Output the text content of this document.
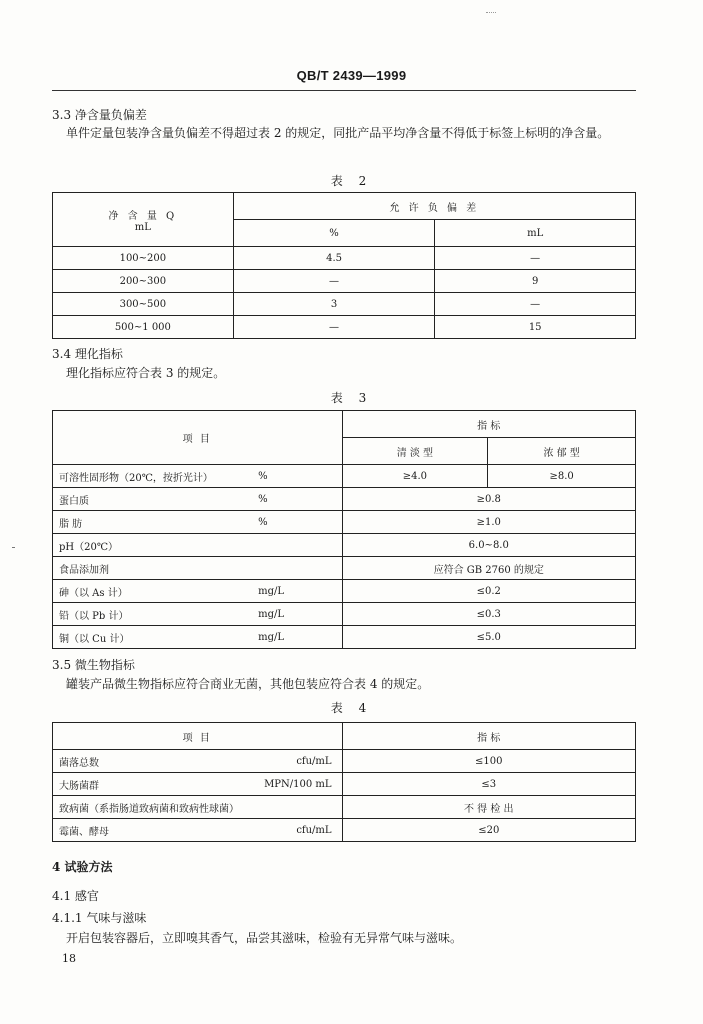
QB/T 2439—1999
3.3 净含量负偏差
单件定量包装净含量负偏差不得超过表 2 的规定，同批产品平均净含量不得低于标签上标明的净含量。
表 2
净 含 量 Q
mL	允 许 负 偏 差	
	%	mL
100~200	4.5	—
200~300	—	9
300~500	3	—
500~1 000	—	15
3.4 理化指标
理化指标应符合表 3 的规定。
表 3
项 目		指 标	
		清 淡 型	浓 郁 型
可溶性固形物（20℃，按折光计）	%	≥4.0	≥8.0
蛋白质	%	≥0.8	
脂 肪	%	≥1.0	
pH（20℃）		6.0~8.0	
食品添加剂		应符合 GB 2760 的规定	
砷（以 As 计）	mg/L	≤0.2	
铅（以 Pb 计）	mg/L	≤0.3	
铜（以 Cu 计）	mg/L	≤5.0	
3.5 微生物指标
罐装产品微生物指标应符合商业无菌，其他包装应符合表 4 的规定。
表 4
项 目		指 标
菌落总数	cfu/mL	≤100
大肠菌群	MPN/100 mL	≤3
致病菌（系指肠道致病菌和致病性球菌）		不 得 检 出
霉菌、酵母	cfu/mL	≤20
4 试验方法
4.1 感官
4.1.1 气味与滋味
开启包装容器后，立即嗅其香气，品尝其滋味，检验有无异常气味与滋味。
18
